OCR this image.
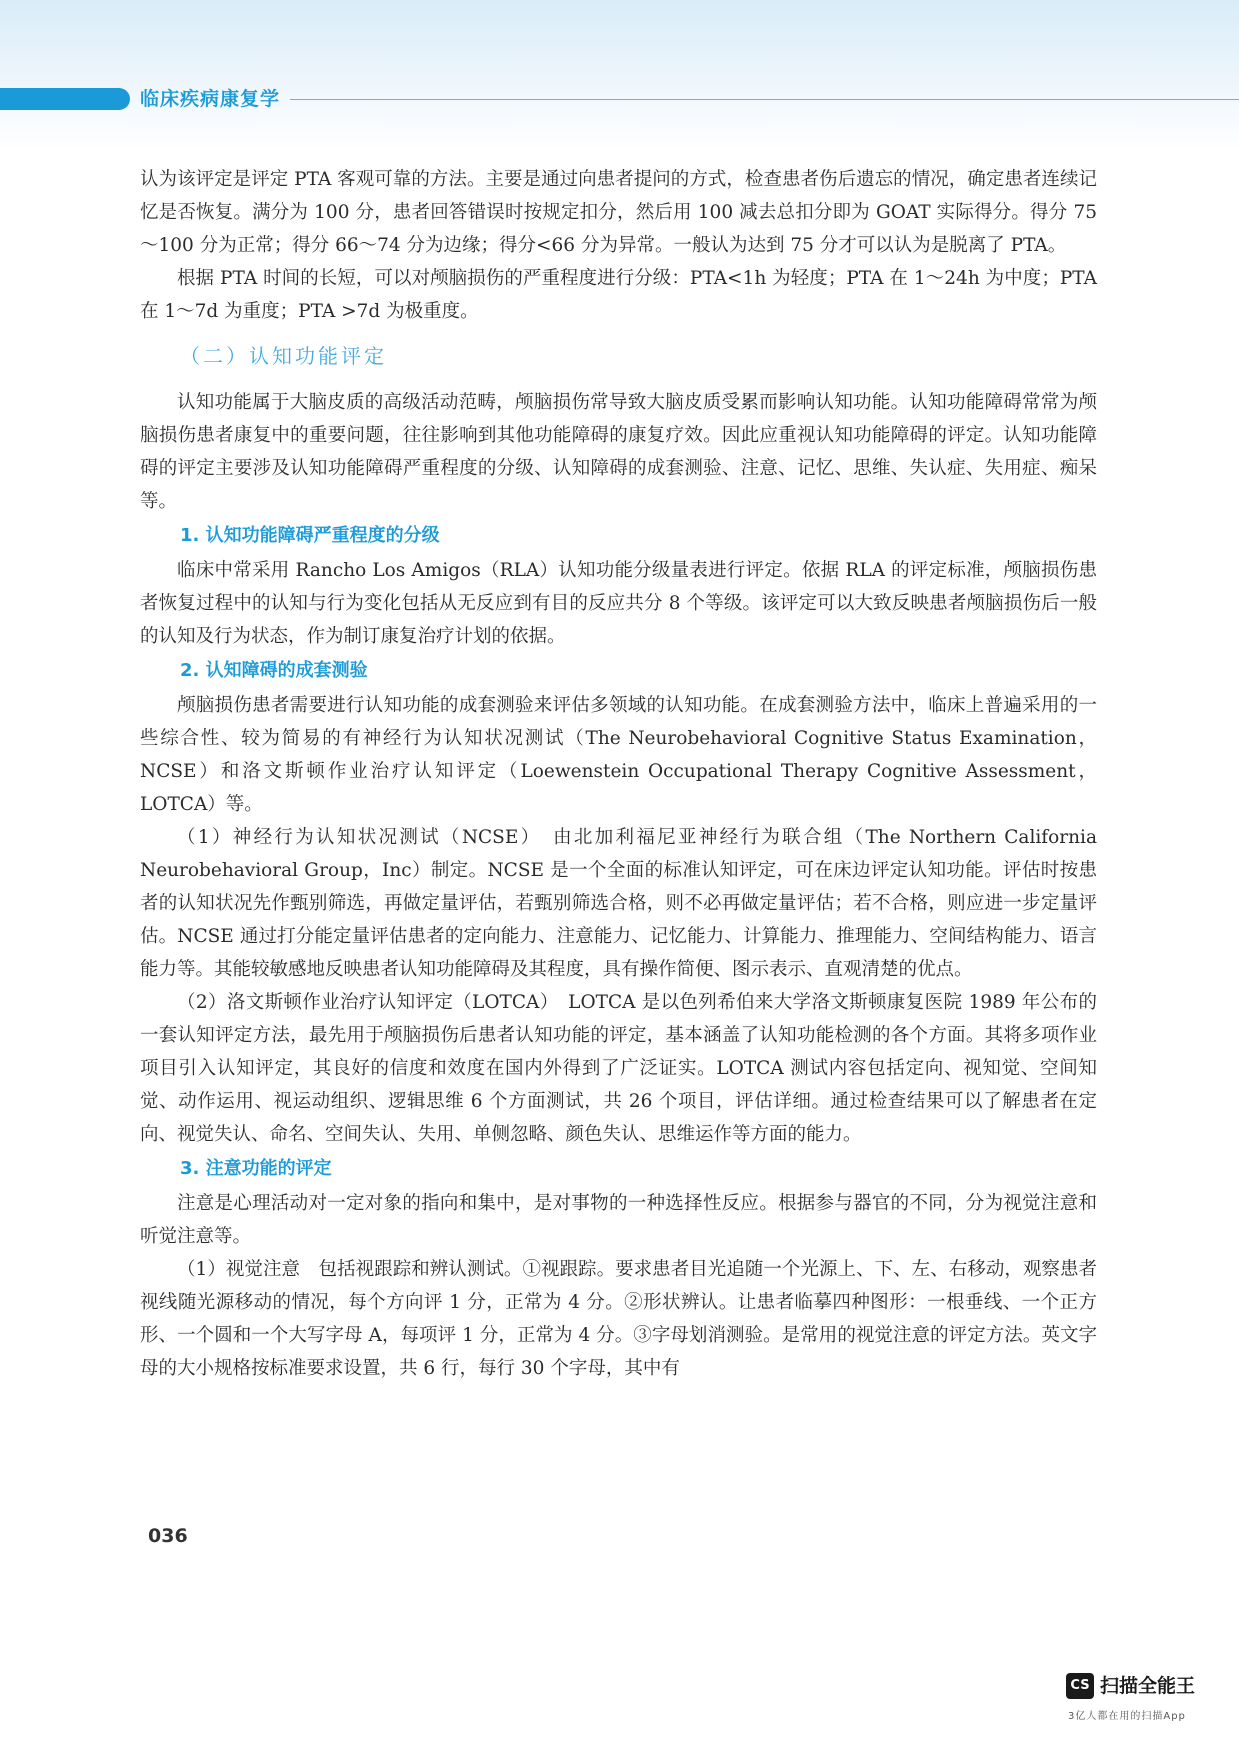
临床疾病康复学

认为该评定是评定 PTA 客观可靠的方法。主要是通过向患者提问的方式，检查患者伤后遗忘的情况，确定患者连续记忆是否恢复。满分为 100 分，患者回答错误时按规定扣分，然后用 100 减去总扣分即为 GOAT 实际得分。得分 75～100 分为正常；得分 66～74 分为边缘；得分<66 分为异常。一般认为达到 75 分才可以认为是脱离了 PTA。

根据 PTA 时间的长短，可以对颅脑损伤的严重程度进行分级：PTA<1h 为轻度；PTA 在 1～24h 为中度；PTA 在 1～7d 为重度；PTA >7d 为极重度。

（二）认知功能评定

认知功能属于大脑皮质的高级活动范畴，颅脑损伤常导致大脑皮质受累而影响认知功能。认知功能障碍常常为颅脑损伤患者康复中的重要问题，往往影响到其他功能障碍的康复疗效。因此应重视认知功能障碍的评定。认知功能障碍的评定主要涉及认知功能障碍严重程度的分级、认知障碍的成套测验、注意、记忆、思维、失认症、失用症、痴呆等。

1. 认知功能障碍严重程度的分级

临床中常采用 Rancho Los Amigos（RLA）认知功能分级量表进行评定。依据 RLA 的评定标准，颅脑损伤患者恢复过程中的认知与行为变化包括从无反应到有目的反应共分 8 个等级。该评定可以大致反映患者颅脑损伤后一般的认知及行为状态，作为制订康复治疗计划的依据。

2. 认知障碍的成套测验

颅脑损伤患者需要进行认知功能的成套测验来评估多领域的认知功能。在成套测验方法中，临床上普遍采用的一些综合性、较为简易的有神经行为认知状况测试（The Neurobehavioral Cognitive Status Examination，NCSE）和洛文斯顿作业治疗认知评定（Loewenstein Occupational Therapy Cognitive Assessment，LOTCA）等。

（1）神经行为认知状况测试（NCSE）　由北加利福尼亚神经行为联合组（The Northern California Neurobehavioral Group，Inc）制定。NCSE 是一个全面的标准认知评定，可在床边评定认知功能。评估时按患者的认知状况先作甄别筛选，再做定量评估，若甄别筛选合格，则不必再做定量评估；若不合格，则应进一步定量评估。NCSE 通过打分能定量评估患者的定向能力、注意能力、记忆能力、计算能力、推理能力、空间结构能力、语言能力等。其能较敏感地反映患者认知功能障碍及其程度，具有操作简便、图示表示、直观清楚的优点。

（2）洛文斯顿作业治疗认知评定（LOTCA）　LOTCA 是以色列希伯来大学洛文斯顿康复医院 1989 年公布的一套认知评定方法，最先用于颅脑损伤后患者认知功能的评定，基本涵盖了认知功能检测的各个方面。其将多项作业项目引入认知评定，其良好的信度和效度在国内外得到了广泛证实。LOTCA 测试内容包括定向、视知觉、空间知觉、动作运用、视运动组织、逻辑思维 6 个方面测试，共 26 个项目，评估详细。通过检查结果可以了解患者在定向、视觉失认、命名、空间失认、失用、单侧忽略、颜色失认、思维运作等方面的能力。

3. 注意功能的评定

注意是心理活动对一定对象的指向和集中，是对事物的一种选择性反应。根据参与器官的不同，分为视觉注意和听觉注意等。

（1）视觉注意　包括视跟踪和辨认测试。①视跟踪。要求患者目光追随一个光源上、下、左、右移动，观察患者视线随光源移动的情况，每个方向评 1 分，正常为 4 分。②形状辨认。让患者临摹四种图形：一根垂线、一个正方形、一个圆和一个大写字母 A，每项评 1 分，正常为 4 分。③字母划消测验。是常用的视觉注意的评定方法。英文字母的大小规格按标准要求设置，共 6 行，每行 30 个字母，其中有

036
CS 扫描全能王
3亿人都在用的扫描App
